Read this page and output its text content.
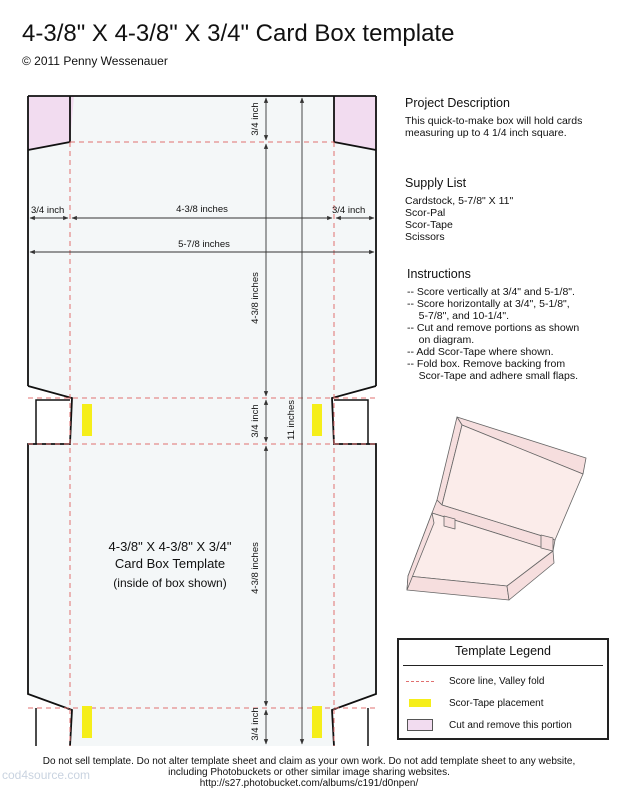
4-3/8" X 4-3/8" X 3/4" Card Box template
© 2011 Penny Wessenauer
3/4 inch
3/4 inch	4-3/8 inches	3/4 inch
5-7/8 inches
4-3/8 inches
3/4 inch	11 inches
4-3/8 inches
3/4 inch
4-3/8" X 4-3/8" X 3/4"
Card Box Template
(inside of box shown)
Project Description
This quick-to-make box will hold cards
measuring up to 4 1/4 inch square.
Supply List
Cardstock, 5-7/8" X 11"
Scor-Pal
Scor-Tape
Scissors
Instructions
-- Score vertically at 3/4" and 5-1/8".
-- Score horizontally at 3/4", 5-1/8",
5-7/8", and 10-1/4".
-- Cut and remove portions as shown
on diagram.
-- Add Scor-Tape where shown.
-- Fold box. Remove backing from
Scor-Tape and adhere small flaps.
Template Legend
Score line, Valley fold
Scor-Tape placement
Cut and remove this portion
Do not sell template. Do not alter template sheet and claim as your own work. Do not add template sheet to any website,
including Photobuckets or other similar image sharing websites.
http://s27.photobucket.com/albums/c191/d0npen/
cod4source.com
